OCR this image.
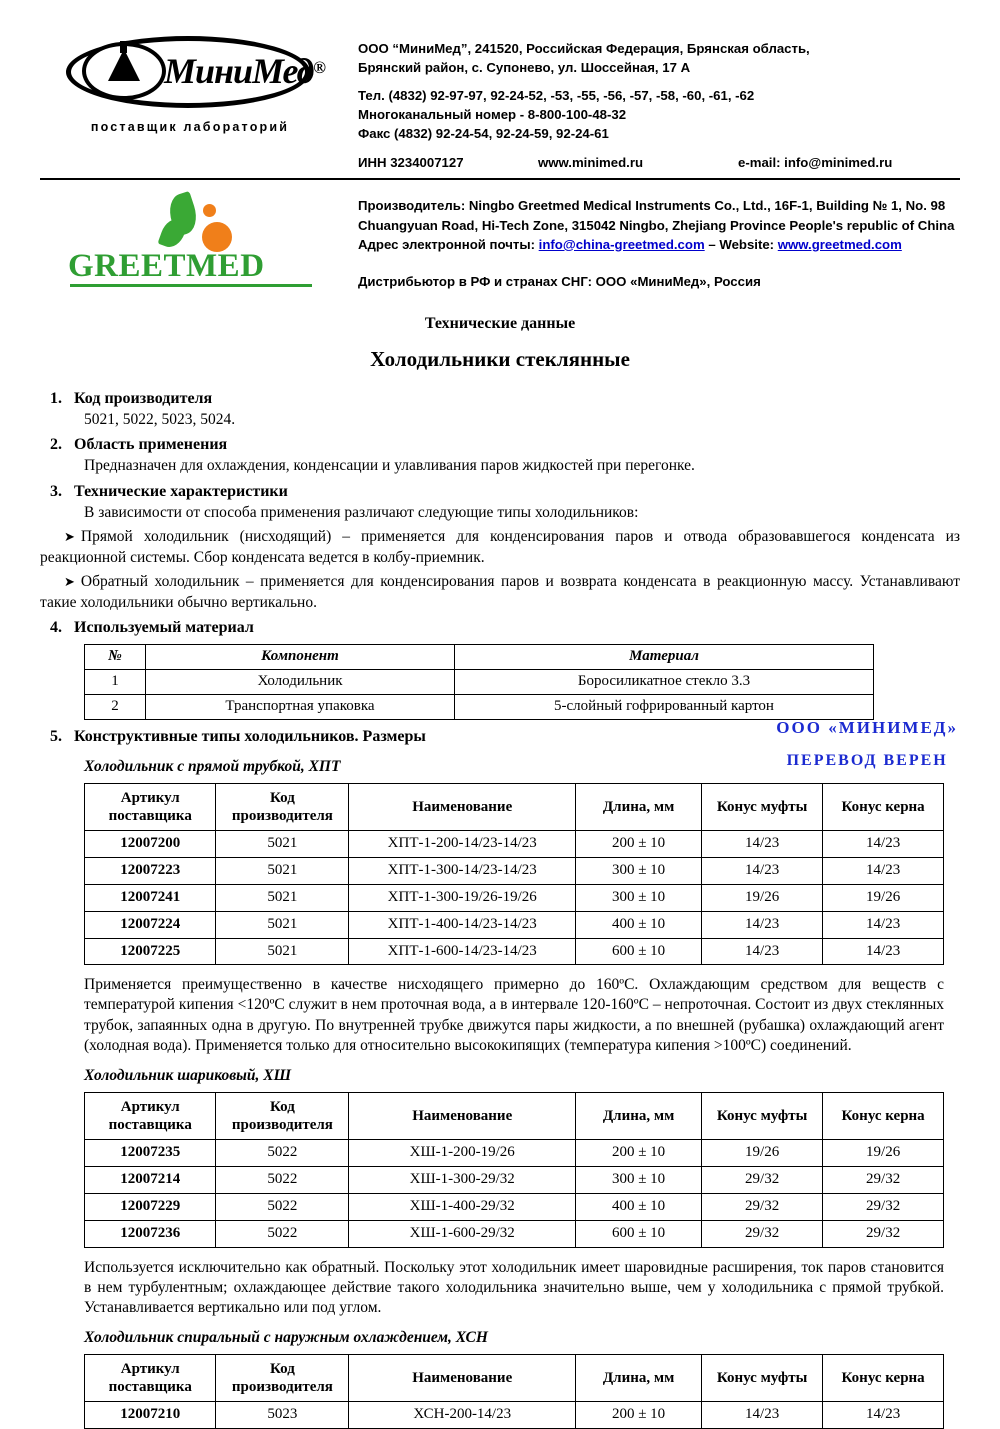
МиниМед ®
поставщик лабораторий
ООО “МиниМед”, 241520, Российская Федерация, Брянская область,
Брянский район, с. Супонево, ул. Шоссейная, 17 А
Тел. (4832) 92-97-97, 92-24-52, -53, -55, -56, -57, -58, -60, -61, -62
Многоканальный номер - 8-800-100-48-32
Факс (4832) 92-24-54, 92-24-59, 92-24-61
ИНН 3234007127	www.minimed.ru	e-mail: info@minimed.ru
GREETMED
Производитель: Ningbo Greetmed Medical Instruments Co., Ltd., 16F-1, Building № 1, No. 98
Chuangyuan Road, Hi-Tech Zone, 315042 Ningbo, Zhejiang Province People's republic of China
Адрес электронной почты: info@china-greetmed.com – Website: www.greetmed.com
Дистрибьютор в РФ и странах СНГ: ООО «МиниМед», Россия
Технические данные
Холодильники стеклянные
1. Код производителя

5021, 5022, 5023, 5024.

2. Область применения

Предназначен для охлаждения, конденсации и улавливания паров жидкостей при перегонке.

3. Технические характеристики

В зависимости от способа применения различают следующие типы холодильников:

➤ Прямой холодильник (нисходящий) – применяется для конденсирования паров и отвода образовавшегося конденсата из реакционной системы. Сбор конденсата ведется в колбу-приемник.

➤ Обратный холодильник – применяется для конденсирования паров и возврата конденсата в реакционную массу. Устанавливают такие холодильники обычно вертикально.

4. Используемый материал
№	Компонент	Материал
1	Холодильник	Боросиликатное стекло 3.3
2	Транспортная упаковка	5-слойный гофрированный картон
5. Конструктивные типы холодильников. Размеры
Холодильник с прямой трубкой, ХПТ
Артикул
поставщика	Код
производителя	Наименование	Длина, мм	Конус муфты	Конус керна
12007200	5021	ХПТ-1-200-14/23-14/23	200 ± 10	14/23	14/23
12007223	5021	ХПТ-1-300-14/23-14/23	300 ± 10	14/23	14/23
12007241	5021	ХПТ-1-300-19/26-19/26	300 ± 10	19/26	19/26
12007224	5021	ХПТ-1-400-14/23-14/23	400 ± 10	14/23	14/23
12007225	5021	ХПТ-1-600-14/23-14/23	600 ± 10	14/23	14/23

Применяется преимущественно в качестве нисходящего примерно до 160ºС. Охлаждающим средством для веществ с температурой кипения <120ºC служит в нем проточная вода, а в интервале 120-160ºC – непроточная. Состоит из двух стеклянных трубок, запаянных одна в другую. По внутренней трубке движутся пары жидкости, а по внешней (рубашка) охлаждающий агент (холодная вода). Применяется только для относительно высококипящих (температура кипения >100ºC) соединений.

Холодильник шариковый, ХШ
Артикул
поставщика	Код
производителя	Наименование	Длина, мм	Конус муфты	Конус керна
12007235	5022	ХШ-1-200-19/26	200 ± 10	19/26	19/26
12007214	5022	ХШ-1-300-29/32	300 ± 10	29/32	29/32
12007229	5022	ХШ-1-400-29/32	400 ± 10	29/32	29/32
12007236	5022	ХШ-1-600-29/32	600 ± 10	29/32	29/32

Используется исключительно как обратный. Поскольку этот холодильник имеет шаровидные расширения, ток паров становится в нем турбулентным; охлаждающее действие такого холодильника значительно выше, чем у холодильника с прямой трубкой. Устанавливается вертикально или под углом.

Холодильник спиральный с наружным охлаждением, ХСН
Артикул
поставщика	Код
производителя	Наименование	Длина, мм	Конус муфты	Конус керна
12007210	5023	ХСН-200-14/23	200 ± 10	14/23	14/23
ООО «МИНИМЕД»
ПЕРЕВОД ВЕРЕН
